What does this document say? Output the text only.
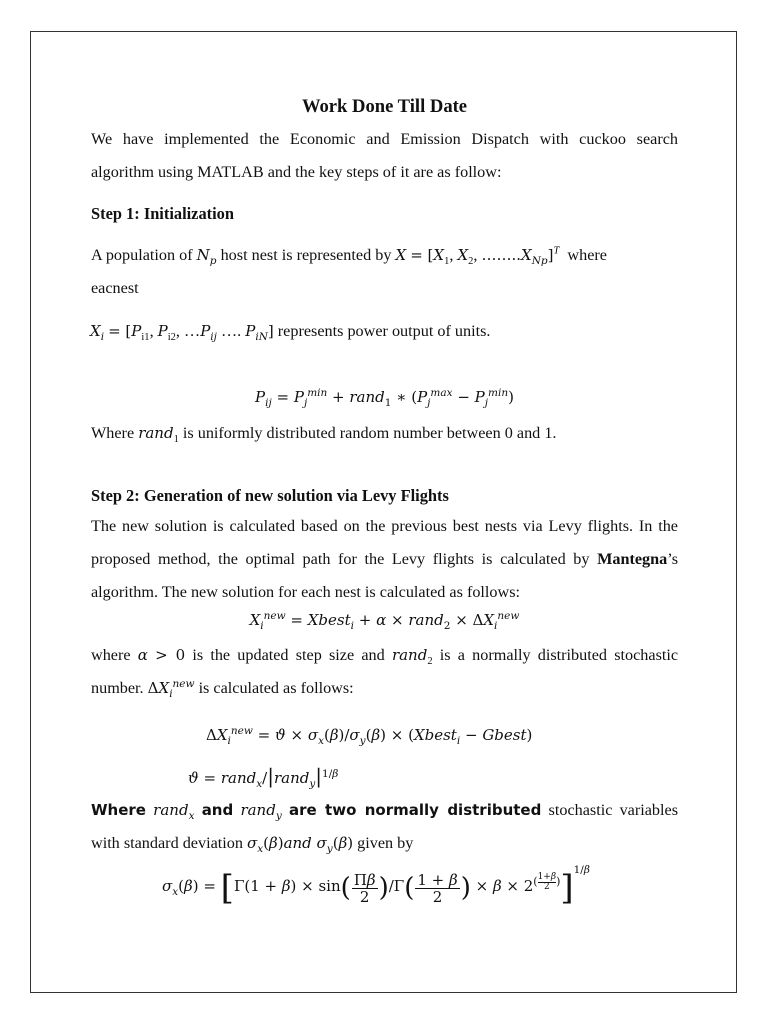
Work Done Till Date
We have implemented the Economic and Emission Dispatch with cuckoo search algorithm using MATLAB and the key steps of it are as follow:
Step 1: Initialization
A population of $N_p$ host nest is represented by $X = [X_1$, $X_2$, $\dots\dots..X_{Np}]^T$ where
eacnest
$X_i = [P_{i1}$, $P_{i2}$, $\dots P_{ij}$ …. $P_{iN}$] represents power output of units.
$P_{ij} = P_j^{min}$ + rand$_1$ ∗ $(P_j^{max} - P_j^{min})$
Where rand$_1$ is uniformly distributed random number between 0 and 1.
Step 2: Generation of new solution via Levy Flights
The new solution is calculated based on the previous best nests via Levy flights. In the proposed method, the optimal path for the Levy flights is calculated by Mantegna’s algorithm. The new solution for each nest is calculated as follows:
$X_i^{new}$ = Xbest$_i$ + α × rand$_2$ × $\Delta X_i^{new}$
where α > 0 is the updated step size and rand$_2$ is a normally distributed stochastic number. $\Delta X_i^{new}$ is calculated as follows:
$\Delta X_i^{new} = ϑ \times \sigma_x(\beta)/\sigma_y(\beta)$ × (Xbest$_i$ − Gbest)
$ϑ = rand_x/|rand_y|^{1/\beta}$
Where rand$_x$ and rand$_y$ are two normally distributed stochastic variables with standard deviation $\sigma_x(\beta)and$ $\sigma_y(\beta)$ given by
$\sigma_x(\beta) = [\Gamma(1 + \beta) \times \sin( \frac{\Pi\beta}{2} )/\Gamma( \frac{1 + \beta}{2}$ ) × $\beta \times 2^{( \frac{1+\beta}{2} )}]^{1/\beta}$
